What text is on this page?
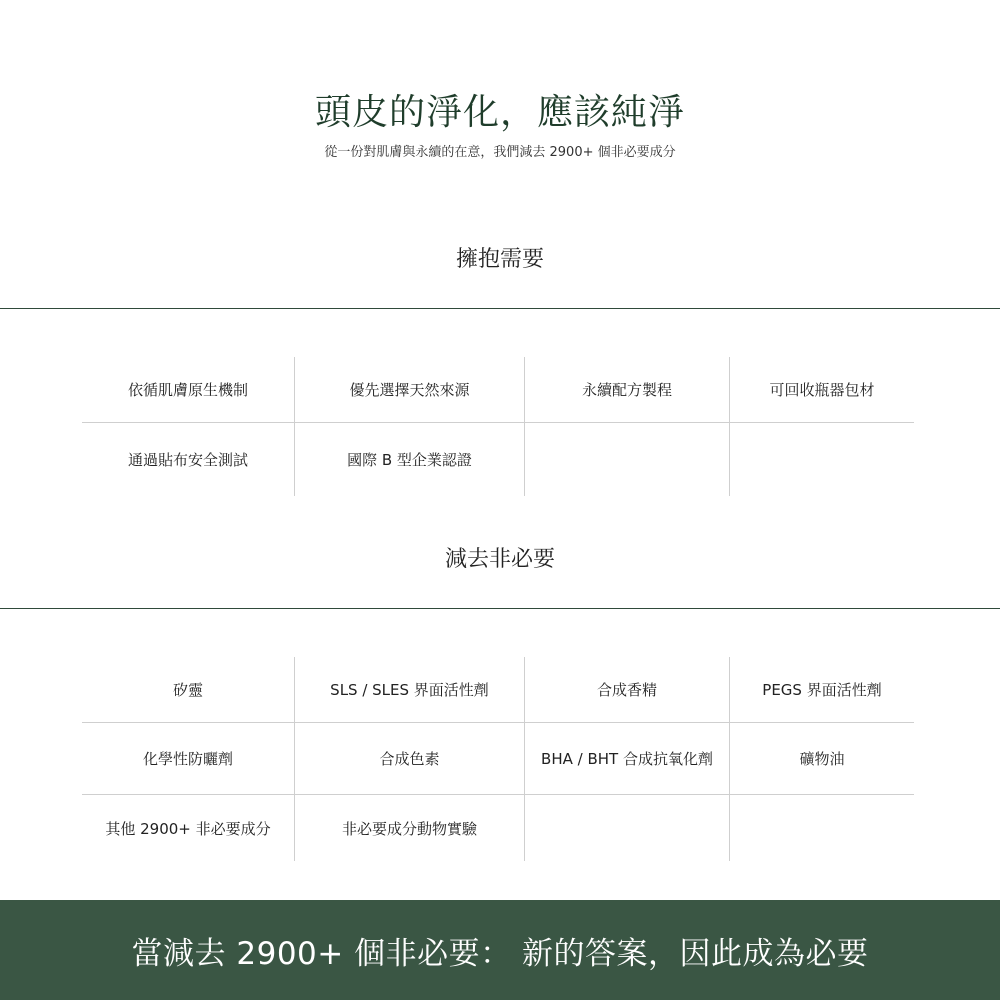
頭皮的淨化，應該純淨
從一份對肌膚與永續的在意，我們減去 2900+ 個非必要成分
擁抱需要
依循肌膚原生機制	優先選擇天然來源	永續配方製程	可回收瓶器包材
通過貼布安全測試	國際 B 型企業認證
減去非必要
矽靈	SLS / SLES 界面活性劑	合成香精	PEGS 界面活性劑
化學性防曬劑	合成色素	BHA / BHT 合成抗氧化劑	礦物油
其他 2900+ 非必要成分	非必要成分動物實驗
當減去 2900+ 個非必要： 新的答案，因此成為必要
